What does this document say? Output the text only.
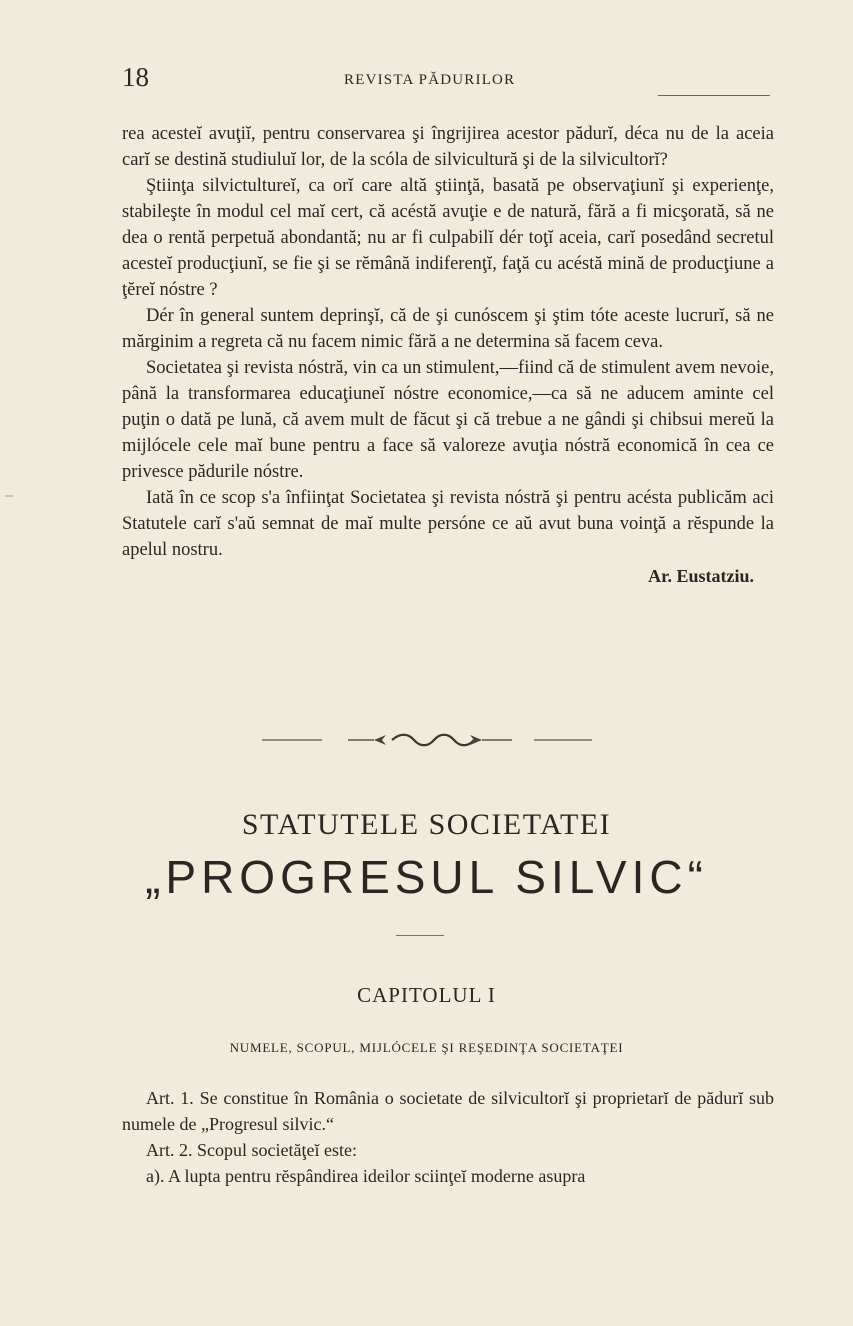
18	REVISTA PĂDURILOR

rea acesteĭ avuţiĭ, pentru conservarea şi îngrijirea acestor pădurĭ, déca nu de la aceia carĭ se destină studiuluĭ lor, de la scóla de silvicultură şi de la silvicultorĭ?

Ştiinţa silvictultureĭ, ca orĭ care altă ştiinţă, basată pe observaţiunĭ şi experienţe, stabileşte în modul cel maĭ cert, că acéstă avuţie e de natură, fără a fi micşorată, să ne dea o rentă perpetuă abondantă; nu ar fi culpabilĭ dér toţĭ aceia, carĭ posedând secretul acesteĭ producţiunĭ, se fie şi se rĕmână indiferenţĭ, faţă cu acéstă mină de producţiune a ţĕreĭ nóstre ?

Dér în general suntem deprinşĭ, că de şi cunóscem şi ştim tóte aceste lucrurĭ, să ne mărginim a regreta că nu facem nimic fără a ne determina să facem ceva.

Societatea şi revista nóstră, vin ca un stimulent,—fiind că de stimulent avem nevoie, până la transformarea educaţiuneĭ nóstre economice,—ca să ne aducem aminte cel puţin o dată pe lună, că avem mult de făcut şi că trebue a ne gândi şi chibsui mereŭ la mijlócele cele maĭ bune pentru a face să valoreze avuţia nóstră economică în cea ce privesce pădurile nóstre.

Iată în ce scop s'a înfiinţat Societatea şi revista nóstră şi pentru acésta publicăm aci Statutele carĭ s'aŭ semnat de maĭ multe persóne ce aŭ avut buna voinţă a rĕspunde la apelul nostru.

Ar. Eustatziu.

STATUTELE SOCIETATEI
„PROGRESUL SILVIC“
CAPITOLUL I
NUMELE, SCOPUL, MIJLÓCELE ŞI REŞEDINŢA SOCIETAŢEI

Art. 1. Se constitue în România o societate de silvicultorĭ şi proprietarĭ de pădurĭ sub numele de „Progresul silvic.“

Art. 2. Scopul societăţeĭ este:

a). A lupta pentru rĕspândirea ideilor sciinţeĭ moderne asupra
